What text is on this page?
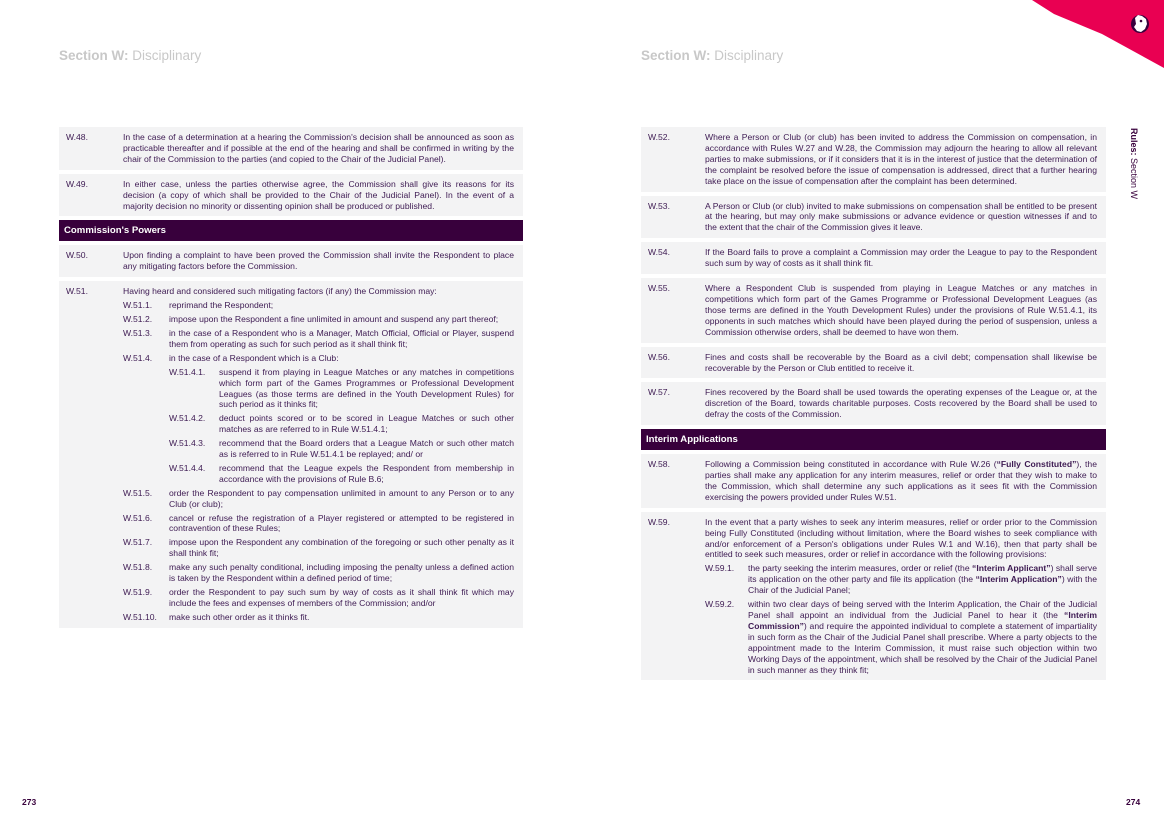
Section W: Disciplinary
W.48.	In the case of a determination at a hearing the Commission's decision shall be announced as soon as practicable thereafter and if possible at the end of the hearing and shall be confirmed in writing by the chair of the Commission to the parties (and copied to the Chair of the Judicial Panel).
W.49.	In either case, unless the parties otherwise agree, the Commission shall give its reasons for its decision (a copy of which shall be provided to the Chair of the Judicial Panel). In the event of a majority decision no minority or dissenting opinion shall be produced or published.
Commission's Powers
W.50.	Upon finding a complaint to have been proved the Commission shall invite the Respondent to place any mitigating factors before the Commission.
W.51.	Having heard and considered such mitigating factors (if any) the Commission may:
W.51.1.	reprimand the Respondent;
W.51.2.	impose upon the Respondent a fine unlimited in amount and suspend any part thereof;
W.51.3.	in the case of a Respondent who is a Manager, Match Official, Official or Player, suspend them from operating as such for such period as it shall think fit;
W.51.4.	in the case of a Respondent which is a Club:
W.51.4.1.	suspend it from playing in League Matches or any matches in competitions which form part of the Games Programmes or Professional Development Leagues (as those terms are defined in the Youth Development Rules) for such period as it thinks fit;
W.51.4.2.	deduct points scored or to be scored in League Matches or such other matches as are referred to in Rule W.51.4.1;
W.51.4.3.	recommend that the Board orders that a League Match or such other match as is referred to in Rule W.51.4.1 be replayed; and/ or
W.51.4.4.	recommend that the League expels the Respondent from membership in accordance with the provisions of Rule B.6;
W.51.5.	order the Respondent to pay compensation unlimited in amount to any Person or to any Club (or club);
W.51.6.	cancel or refuse the registration of a Player registered or attempted to be registered in contravention of these Rules;
W.51.7.	impose upon the Respondent any combination of the foregoing or such other penalty as it shall think fit;
W.51.8.	make any such penalty conditional, including imposing the penalty unless a defined action is taken by the Respondent within a defined period of time;
W.51.9.	order the Respondent to pay such sum by way of costs as it shall think fit which may include the fees and expenses of members of the Commission; and/or
W.51.10.	make such other order as it thinks fit.
273
Section W: Disciplinary
Rules: Section W
W.52.	Where a Person or Club (or club) has been invited to address the Commission on compensation, in accordance with Rules W.27 and W.28, the Commission may adjourn the hearing to allow all relevant parties to make submissions, or if it considers that it is in the interest of justice that the determination of the complaint be resolved before the issue of compensation is addressed, direct that a further hearing take place on the issue of compensation after the complaint has been determined.
W.53.	A Person or Club (or club) invited to make submissions on compensation shall be entitled to be present at the hearing, but may only make submissions or advance evidence or question witnesses if and to the extent that the chair of the Commission gives it leave.
W.54.	If the Board fails to prove a complaint a Commission may order the League to pay to the Respondent such sum by way of costs as it shall think fit.
W.55.	Where a Respondent Club is suspended from playing in League Matches or any matches in competitions which form part of the Games Programme or Professional Development Leagues (as those terms are defined in the Youth Development Rules) under the provisions of Rule W.51.4.1, its opponents in such matches which should have been played during the period of suspension, unless a Commission otherwise orders, shall be deemed to have won them.
W.56.	Fines and costs shall be recoverable by the Board as a civil debt; compensation shall likewise be recoverable by the Person or Club entitled to receive it.
W.57.	Fines recovered by the Board shall be used towards the operating expenses of the League or, at the discretion of the Board, towards charitable purposes. Costs recovered by the Board shall be used to defray the costs of the Commission.
Interim Applications
W.58.	Following a Commission being constituted in accordance with Rule W.26 (“Fully Constituted”), the parties shall make any application for any interim measures, relief or order that they wish to make to the Commission, which shall determine any such applications as it sees fit with the Commission exercising the powers provided under Rules W.51.
W.59.	In the event that a party wishes to seek any interim measures, relief or order prior to the Commission being Fully Constituted (including without limitation, where the Board wishes to seek compliance with and/or enforcement of a Person's obligations under Rules W.1 and W.16), then that party shall be entitled to seek such measures, order or relief in accordance with the following provisions:
W.59.1.	the party seeking the interim measures, order or relief (the “Interim Applicant”) shall serve its application on the other party and file its application (the “Interim Application”) with the Chair of the Judicial Panel;
W.59.2.	within two clear days of being served with the Interim Application, the Chair of the Judicial Panel shall appoint an individual from the Judicial Panel to hear it (the “Interim Commission”) and require the appointed individual to complete a statement of impartiality in such form as the Chair of the Judicial Panel shall prescribe. Where a party objects to the appointment made to the Interim Commission, it must raise such objection within two Working Days of the appointment, which shall be resolved by the Chair of the Judicial Panel in such manner as they think fit;
274
